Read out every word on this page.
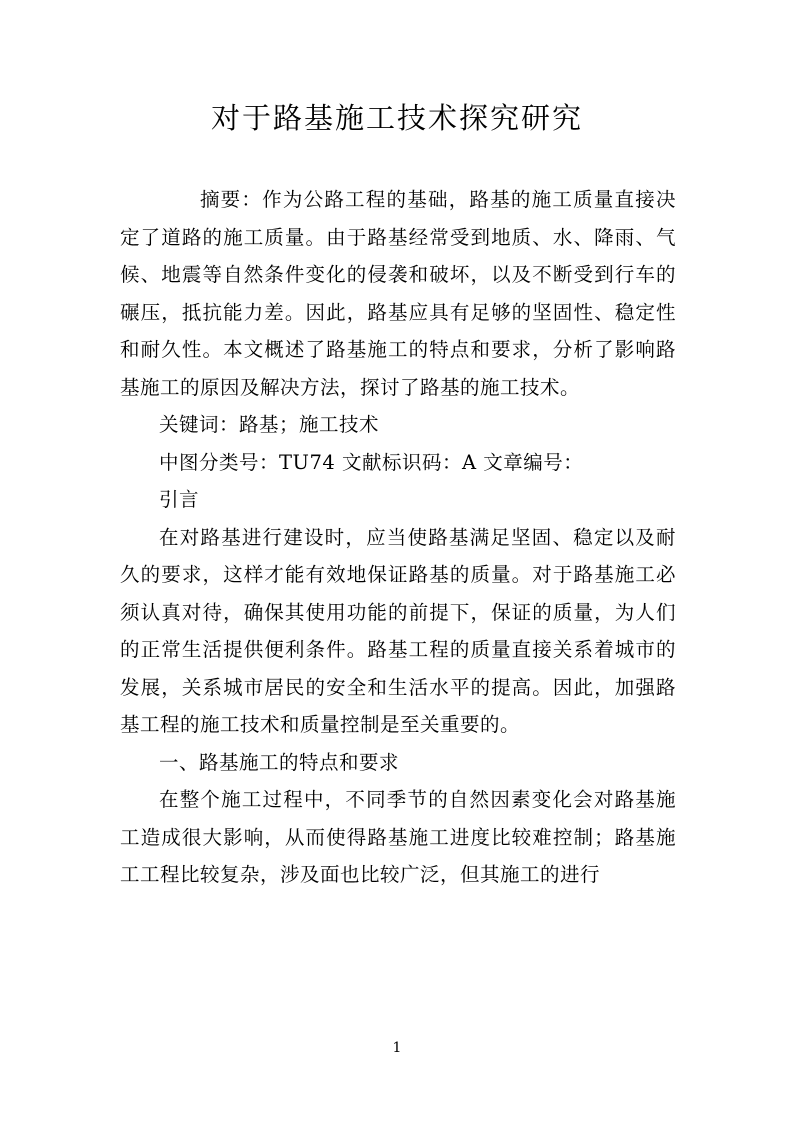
对于路基施工技术探究研究

摘要：作为公路工程的基础，路基的施工质量直接决定了道路的施工质量。由于路基经常受到地质、水、降雨、气候、地震等自然条件变化的侵袭和破坏，以及不断受到行车的碾压，抵抗能力差。因此，路基应具有足够的坚固性、稳定性和耐久性。本文概述了路基施工的特点和要求，分析了影响路基施工的原因及解决方法，探讨了路基的施工技术。

关键词：路基；施工技术

中图分类号：TU74 文献标识码：A 文章编号：

引言

在对路基进行建设时，应当使路基满足坚固、稳定以及耐久的要求，这样才能有效地保证路基的质量。对于路基施工必须认真对待，确保其使用功能的前提下，保证的质量，为人们的正常生活提供便利条件。路基工程的质量直接关系着城市的发展，关系城市居民的安全和生活水平的提高。因此，加强路基工程的施工技术和质量控制是至关重要的。

一、路基施工的特点和要求

在整个施工过程中，不同季节的自然因素变化会对路基施工造成很大影响，从而使得路基施工进度比较难控制；路基施工工程比较复杂，涉及面也比较广泛，但其施工的进行

1
